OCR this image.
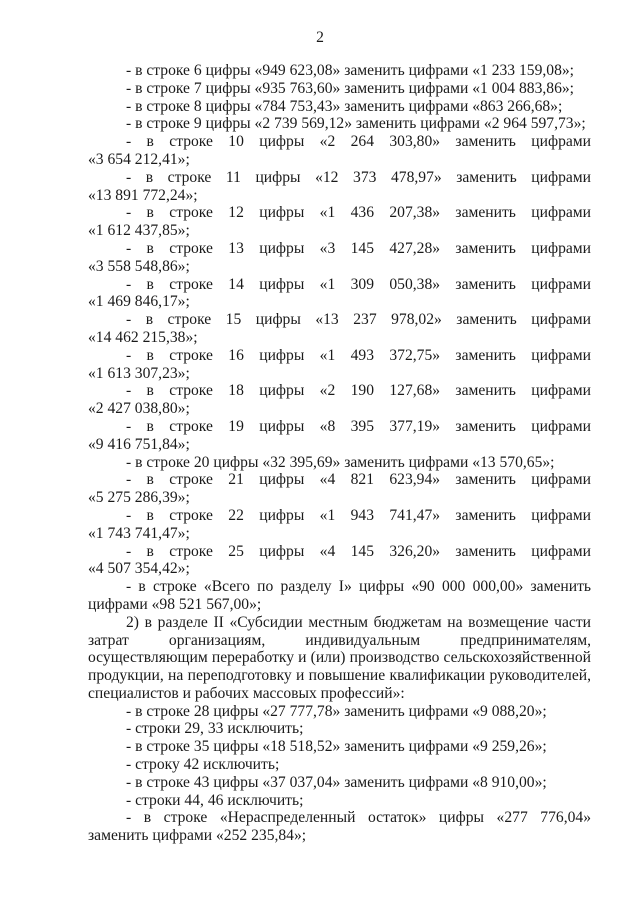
2
- в строке 6 цифры «949 623,08» заменить цифрами «1 233 159,08»;
- в строке 7 цифры «935 763,60» заменить цифрами «1 004 883,86»;
- в строке 8 цифры «784 753,43» заменить цифрами «863 266,68»;
- в строке 9 цифры «2 739 569,12» заменить цифрами «2 964 597,73»;
- в строке 10 цифры «2 264 303,80» заменить цифрами
«3 654 212,41»;
- в строке 11 цифры «12 373 478,97» заменить цифрами
«13 891 772,24»;
- в строке 12 цифры «1 436 207,38» заменить цифрами
«1 612 437,85»;
- в строке 13 цифры «3 145 427,28» заменить цифрами
«3 558 548,86»;
- в строке 14 цифры «1 309 050,38» заменить цифрами
«1 469 846,17»;
- в строке 15 цифры «13 237 978,02» заменить цифрами
«14 462 215,38»;
- в строке 16 цифры «1 493 372,75» заменить цифрами
«1 613 307,23»;
- в строке 18 цифры «2 190 127,68» заменить цифрами
«2 427 038,80»;
- в строке 19 цифры «8 395 377,19» заменить цифрами
«9 416 751,84»;
- в строке 20 цифры «32 395,69» заменить цифрами «13 570,65»;
- в строке 21 цифры «4 821 623,94» заменить цифрами
«5 275 286,39»;
- в строке 22 цифры «1 943 741,47» заменить цифрами
«1 743 741,47»;
- в строке 25 цифры «4 145 326,20» заменить цифрами
«4 507 354,42»;
- в строке «Всего по разделу I» цифры «90 000 000,00» заменить
цифрами «98 521 567,00»;
2) в разделе II «Субсидии местным бюджетам на возмещение части
затрат организациям, индивидуальным предпринимателям,
осуществляющим переработку и (или) производство сельскохозяйственной
продукции, на переподготовку и повышение квалификации руководителей,
специалистов и рабочих массовых профессий»:
- в строке 28 цифры «27 777,78» заменить цифрами «9 088,20»;
- строки 29, 33 исключить;
- в строке 35 цифры «18 518,52» заменить цифрами «9 259,26»;
- строку 42 исключить;
- в строке 43 цифры «37 037,04» заменить цифрами «8 910,00»;
- строки 44, 46 исключить;
- в строке «Нераспределенный остаток» цифры «277 776,04»
заменить цифрами «252 235,84»;
